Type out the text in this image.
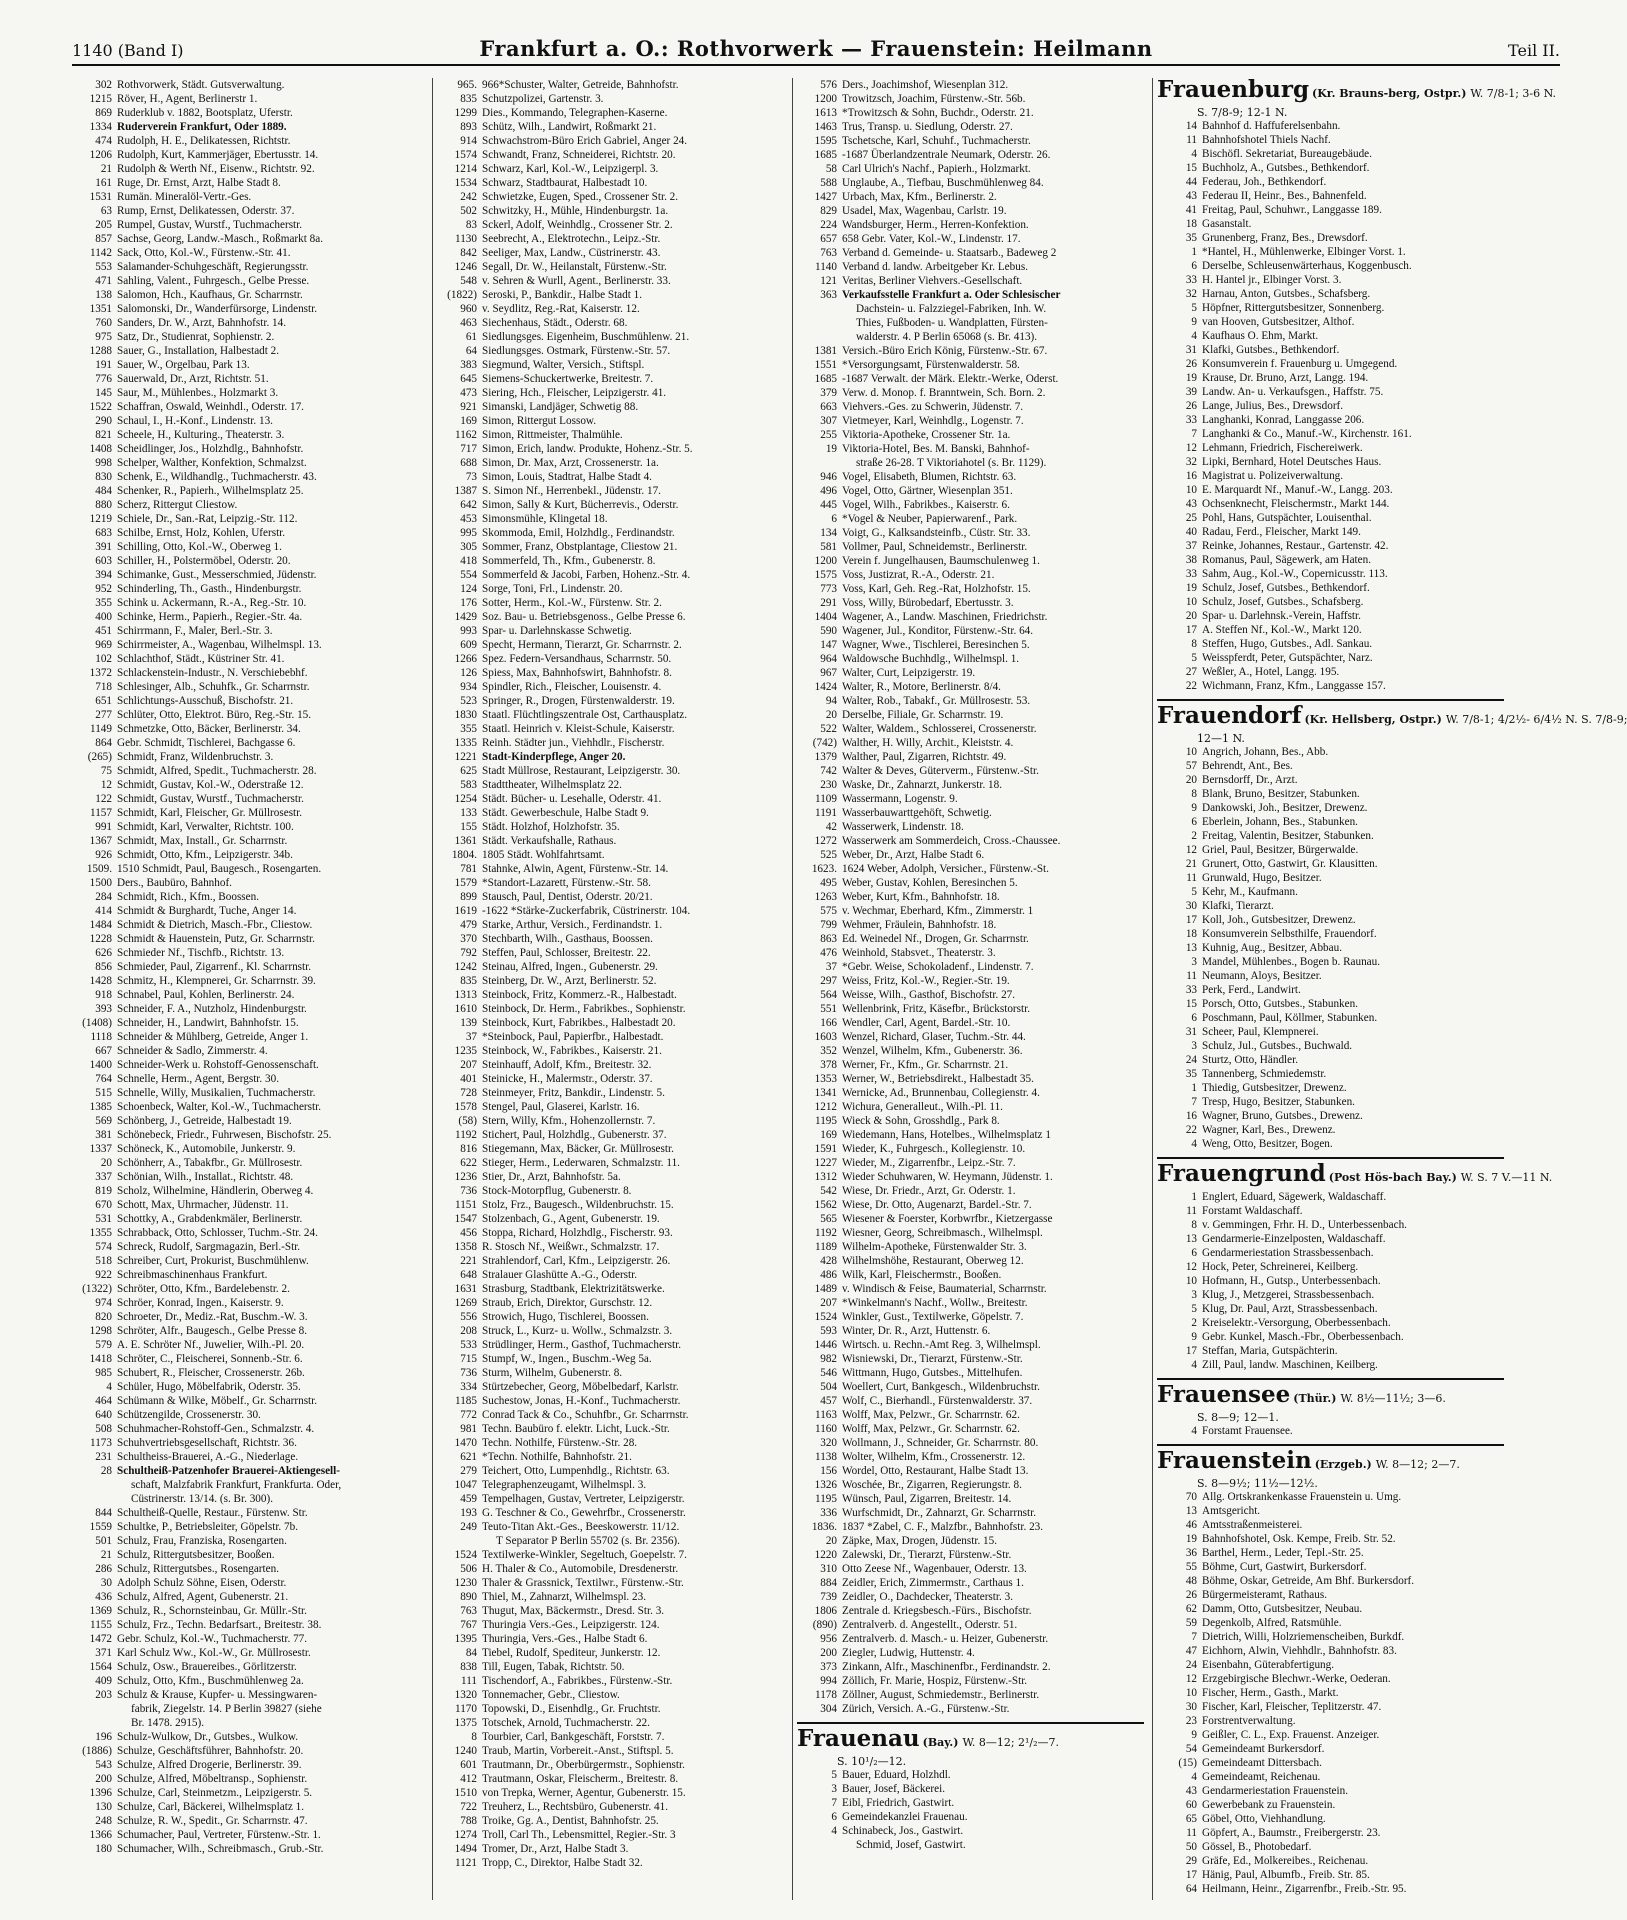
1140 (Band I)	Frankfurt a. O.: Rothvorwerk — Frauenstein: Heilmann	Teil II.
302 Rothvorwerk, Städt. Gutsverwaltung.
1215 Röver, H., Agent, Berlinerstr 1.
869 Ruderklub v. 1882, Bootsplatz, Uferstr.
1334 Ruderverein Frankfurt, Oder 1889.
474 Rudolph, H. E., Delikatessen, Richtstr.
1206 Rudolph, Kurt, Kammerjäger, Ebertusstr. 14.
21 Rudolph & Werth Nf., Eisenw., Richtstr. 92.
161 Ruge, Dr. Ernst, Arzt, Halbe Stadt 8.
1531 Rumän. Mineralöl-Vertr.-Ges.
63 Rump, Ernst, Delikatessen, Oderstr. 37.
205 Rumpel, Gustav, Wurstf., Tuchmacherstr.
857 Sachse, Georg, Landw.-Masch., Roßmarkt 8a.
1142 Sack, Otto, Kol.-W., Fürstenw.-Str. 41.
553 Salamander-Schuhgeschäft, Regierungsstr.
471 Sahling, Valent., Fuhrgesch., Gelbe Presse.
138 Salomon, Hch., Kaufhaus, Gr. Scharrnstr.
1351 Salomonski, Dr., Wanderfürsorge, Lindenstr.
760 Sanders, Dr. W., Arzt, Bahnhofstr. 14.
975 Satz, Dr., Studienrat, Sophienstr. 2.
1288 Sauer, G., Installation, Halbestadt 2.
191 Sauer, W., Orgelbau, Park 13.
776 Sauerwald, Dr., Arzt, Richtstr. 51.
145 Saur, M., Mühlenbes., Holzmarkt 3.
1522 Schaffran, Oswald, Weinhdl., Oderstr. 17.
290 Schaul, I., H.-Konf., Lindenstr. 13.
821 Scheele, H., Kulturing., Theaterstr. 3.
1408 Scheidlinger, Jos., Holzhdlg., Bahnhofstr.
998 Schelper, Walther, Konfektion, Schmalzst.
830 Schenk, E., Wildhandlg., Tuchmacherstr. 43.
484 Schenker, R., Papierh., Wilhelmsplatz 25.
880 Scherz, Rittergut Cliestow.
1219 Schiele, Dr., San.-Rat, Leipzig.-Str. 112.
683 Schilbe, Ernst, Holz, Kohlen, Uferstr.
391 Schilling, Otto, Kol.-W., Oberweg 1.
603 Schiller, H., Polstermöbel, Oderstr. 20.
394 Schimanke, Gust., Messerschmied, Jüdenstr.
952 Schinderling, Th., Gasth., Hindenburgstr.
355 Schink u. Ackermann, R.-A., Reg.-Str. 10.
400 Schinke, Herm., Papierh., Regier.-Str. 4a.
451 Schirrmann, F., Maler, Berl.-Str. 3.
969 Schirrmeister, A., Wagenbau, Wilhelmspl. 13.
102 Schlachthof, Städt., Küstriner Str. 41.
1372 Schlackenstein-Industr., N. Verschiebebhf.
718 Schlesinger, Alb., Schuhfk., Gr. Scharrnstr.
651 Schlichtungs-Ausschuß, Bischofstr. 21.
277 Schlüter, Otto, Elektrot. Büro, Reg.-Str. 15.
1149 Schmetzke, Otto, Bäcker, Berlinerstr. 34.
864 Gebr. Schmidt, Tischlerei, Bachgasse 6.
(265) Schmidt, Franz, Wildenbruchstr. 3.
75 Schmidt, Alfred, Spedit., Tuchmacherstr. 28.
12 Schmidt, Gustav, Kol.-W., Oderstraße 12.
122 Schmidt, Gustav, Wurstf., Tuchmacherstr.
1157 Schmidt, Karl, Fleischer, Gr. Müllrosestr.
991 Schmidt, Karl, Verwalter, Richtstr. 100.
1367 Schmidt, Max, Install., Gr. Scharrnstr.
926 Schmidt, Otto, Kfm., Leipzigerstr. 34b.
1509. 1510 Schmidt, Paul, Baugesch., Rosengarten.
1500 Ders., Baubüro, Bahnhof.
284 Schmidt, Rich., Kfm., Boossen.
414 Schmidt & Burghardt, Tuche, Anger 14.
1484 Schmidt & Dietrich, Masch.-Fbr., Cliestow.
1228 Schmidt & Hauenstein, Putz, Gr. Scharrnstr.
626 Schmieder Nf., Tischfb., Richtstr. 13.
856 Schmieder, Paul, Zigarrenf., Kl. Scharrnstr.
1428 Schmitz, H., Klempnerei, Gr. Scharrnstr. 39.
918 Schnabel, Paul, Kohlen, Berlinerstr. 24.
393 Schneider, F. A., Nutzholz, Hindenburgstr.
(1408) Schneider, H., Landwirt, Bahnhofstr. 15.
1118 Schneider & Mühlberg, Getreide, Anger 1.
667 Schneider & Sadlo, Zimmerstr. 4.
1400 Schneider-Werk u. Rohstoff-Genossenschaft.
764 Schnelle, Herm., Agent, Bergstr. 30.
515 Schnelle, Willy, Musikalien, Tuchmacherstr.
1385 Schoenbeck, Walter, Kol.-W., Tuchmacherstr.
569 Schönberg, J., Getreide, Halbestadt 19.
381 Schönebeck, Friedr., Fuhrwesen, Bischofstr. 25.
1337 Schöneck, K., Automobile, Junkerstr. 9.
20 Schönherr, A., Tabakfbr., Gr. Müllrosestr.
337 Schönian, Wilh., Installat., Richtstr. 48.
819 Scholz, Wilhelmine, Händlerin, Oberweg 4.
670 Schott, Max, Uhrmacher, Jüdenstr. 11.
531 Schottky, A., Grabdenkmäler, Berlinerstr.
1355 Schrabback, Otto, Schlosser, Tuchm.-Str. 24.
574 Schreck, Rudolf, Sargmagazin, Berl.-Str.
518 Schreiber, Curt, Prokurist, Buschmühlenw.
922 Schreibmaschinenhaus Frankfurt.
(1322) Schröter, Otto, Kfm., Bardelebenstr. 2.
974 Schröer, Konrad, Ingen., Kaiserstr. 9.
820 Schroeter, Dr., Mediz.-Rat, Buschm.-W. 3.
1298 Schröter, Alfr., Baugesch., Gelbe Presse 8.
579 A. E. Schröter Nf., Juwelier, Wilh.-Pl. 20.
1418 Schröter, C., Fleischerei, Sonnenb.-Str. 6.
985 Schubert, R., Fleischer, Crossenerstr. 26b.
4 Schüler, Hugo, Möbelfabrik, Oderstr. 35.
464 Schümann & Wilke, Möbelf., Gr. Scharrnstr.
640 Schützengilde, Crossenerstr. 30.
508 Schuhmacher-Rohstoff-Gen., Schmalzstr. 4.
1173 Schuhvertriebsgesellschaft, Richtstr. 36.
231 Schultheiss-Brauerei, A.-G., Niederlage.
28 Schultheiß-Patzenhofer Brauerei-Aktiengesell-
schaft, Malzfabrik Frankfurt, Frankfurta. Oder,
Cüstrinerstr. 13/14. (s. Br. 300).
844 Schultheiß-Quelle, Restaur., Fürstenw. Str.
1559 Schultke, P., Betriebsleiter, Göpelstr. 7b.
501 Schulz, Frau, Franziska, Rosengarten.
21 Schulz, Rittergutsbesitzer, Booßen.
286 Schulz, Rittergutsbes., Rosengarten.
30 Adolph Schulz Söhne, Eisen, Oderstr.
436 Schulz, Alfred, Agent, Gubenerstr. 21.
1369 Schulz, R., Schornsteinbau, Gr. Müllr.-Str.
1155 Schulz, Frz., Techn. Bedarfsart., Breitestr. 38.
1472 Gebr. Schulz, Kol.-W., Tuchmacherstr. 77.
371 Karl Schulz Ww., Kol.-W., Gr. Müllrosestr.
1564 Schulz, Osw., Brauereibes., Görlitzerstr.
409 Schulz, Otto, Kfm., Buschmühlenweg 2a.
203 Schulz & Krause, Kupfer- u. Messingwaren-
fabrik, Ziegelstr. 14. P Berlin 39827 (siehe
Br. 1478. 2915).
196 Schulz-Wulkow, Dr., Gutsbes., Wulkow.
(1886) Schulze, Geschäftsführer, Bahnhofstr. 20.
543 Schulze, Alfred Drogerie, Berlinerstr. 39.
200 Schulze, Alfred, Möbeltransp., Sophienstr.
1396 Schulze, Carl, Steinmetzm., Leipzigerstr. 5.
130 Schulze, Carl, Bäckerei, Wilhelmsplatz 1.
248 Schulze, R. W., Spedit., Gr. Scharrnstr. 47.
1366 Schumacher, Paul, Vertreter, Fürstenw.-Str. 1.
180 Schumacher, Wilh., Schreibmasch., Grub.-Str.
965. 966*Schuster, Walter, Getreide, Bahnhofstr.
835 Schutzpolizei, Gartenstr. 3.
1299 Dies., Kommando, Telegraphen-Kaserne.
893 Schütz, Wilh., Landwirt, Roßmarkt 21.
914 Schwachstrom-Büro Erich Gabriel, Anger 24.
1574 Schwandt, Franz, Schneiderei, Richtstr. 20.
1214 Schwarz, Karl, Kol.-W., Leipzigerpl. 3.
1534 Schwarz, Stadtbaurat, Halbestadt 10.
242 Schwietzke, Eugen, Sped., Crossener Str. 2.
502 Schwitzky, H., Mühle, Hindenburgstr. 1a.
83 Sckerl, Adolf, Weinhdlg., Crossener Str. 2.
1130 Seebrecht, A., Elektrotechn., Leipz.-Str.
842 Seeliger, Max, Landw., Cüstrinerstr. 43.
1246 Segall, Dr. W., Heilanstalt, Fürstenw.-Str.
548 v. Sehren & Wurll, Agent., Berlinerstr. 33.
(1822) Seroski, P., Bankdir., Halbe Stadt 1.
960 v. Seydlitz, Reg.-Rat, Kaiserstr. 12.
463 Siechenhaus, Städt., Oderstr. 68.
61 Siedlungsges. Eigenheim, Buschmühlenw. 21.
64 Siedlungsges. Ostmark, Fürstenw.-Str. 57.
383 Siegmund, Walter, Versich., Stiftspl.
645 Siemens-Schuckertwerke, Breitestr. 7.
473 Siering, Hch., Fleischer, Leipzigerstr. 41.
921 Simanski, Landjäger, Schwetig 88.
169 Simon, Rittergut Lossow.
1162 Simon, Rittmeister, Thalmühle.
717 Simon, Erich, landw. Produkte, Hohenz.-Str. 5.
688 Simon, Dr. Max, Arzt, Crossenerstr. 1a.
73 Simon, Louis, Stadtrat, Halbe Stadt 4.
1387 S. Simon Nf., Herrenbekl., Jüdenstr. 17.
642 Simon, Sally & Kurt, Bücherrevis., Oderstr.
453 Simonsmühle, Klingetal 18.
995 Skommoda, Emil, Holzhdlg., Ferdinandstr.
305 Sommer, Franz, Obstplantage, Cliestow 21.
418 Sommerfeld, Th., Kfm., Gubenerstr. 8.
554 Sommerfeld & Jacobi, Farben, Hohenz.-Str. 4.
124 Sorge, Toni, Frl., Lindenstr. 20.
176 Sotter, Herm., Kol.-W., Fürstenw. Str. 2.
1429 Soz. Bau- u. Betriebsgenoss., Gelbe Presse 6.
993 Spar- u. Darlehnskasse Schwetig.
609 Specht, Hermann, Tierarzt, Gr. Scharrnstr. 2.
1266 Spez. Federn-Versandhaus, Scharrnstr. 50.
126 Spiess, Max, Bahnhofswirt, Bahnhofstr. 8.
934 Spindler, Rich., Fleischer, Louisenstr. 4.
523 Springer, R., Drogen, Fürstenwalderstr. 19.
1830 Staatl. Flüchtlingszentrale Ost, Carthausplatz.
355 Staatl. Heinrich v. Kleist-Schule, Kaiserstr.
1335 Reinh. Städter jun., Viehhdlr., Fischerstr.
1221 Stadt-Kinderpflege, Anger 20.
625 Stadt Müllrose, Restaurant, Leipzigerstr. 30.
583 Stadttheater, Wilhelmsplatz 22.
1254 Städt. Bücher- u. Lesehalle, Oderstr. 41.
133 Städt. Gewerbeschule, Halbe Stadt 9.
155 Städt. Holzhof, Holzhofstr. 35.
1361 Städt. Verkaufshalle, Rathaus.
1804. 1805 Städt. Wohlfahrtsamt.
781 Stahnke, Alwin, Agent, Fürstenw.-Str. 14.
1579 *Standort-Lazarett, Fürstenw.-Str. 58.
899 Stausch, Paul, Dentist, Oderstr. 20/21.
1619 -1622 *Stärke-Zuckerfabrik, Cüstrinerstr. 104.
479 Starke, Arthur, Versich., Ferdinandstr. 1.
370 Stechbarth, Wilh., Gasthaus, Boossen.
792 Steffen, Paul, Schlosser, Breitestr. 22.
1242 Steinau, Alfred, Ingen., Gubenerstr. 29.
835 Steinberg, Dr. W., Arzt, Berlinerstr. 52.
1313 Steinbock, Fritz, Kommerz.-R., Halbestadt.
1610 Steinbock, Dr. Herm., Fabrikbes., Sophienstr.
139 Steinbock, Kurt, Fabrikbes., Halbestadt 20.
37 *Steinbock, Paul, Papierfbr., Halbestadt.
1235 Steinbock, W., Fabrikbes., Kaiserstr. 21.
207 Steinhauff, Adolf, Kfm., Breitestr. 32.
401 Steinicke, H., Malermstr., Oderstr. 37.
728 Steinmeyer, Fritz, Bankdir., Lindenstr. 5.
1578 Stengel, Paul, Glaserei, Karlstr. 16.
(58) Stern, Willy, Kfm., Hohenzollernstr. 7.
1192 Stichert, Paul, Holzhdlg., Gubenerstr. 37.
816 Stiegemann, Max, Bäcker, Gr. Müllrosestr.
622 Stieger, Herm., Lederwaren, Schmalzstr. 11.
1236 Stier, Dr., Arzt, Bahnhofstr. 5a.
736 Stock-Motorpflug, Gubenerstr. 8.
1151 Stolz, Frz., Baugesch., Wildenbruchstr. 15.
1547 Stolzenbach, G., Agent, Gubenerstr. 19.
456 Stoppa, Richard, Holzhdlg., Fischerstr. 93.
1358 R. Stosch Nf., Weißwr., Schmalzstr. 17.
221 Strahlendorf, Carl, Kfm., Leipzigerstr. 26.
648 Stralauer Glashütte A.-G., Oderstr.
1631 Strasburg, Stadtbank, Elektrizitätswerke.
1269 Straub, Erich, Direktor, Gurschstr. 12.
556 Strowich, Hugo, Tischlerei, Boossen.
208 Struck, L., Kurz- u. Wollw., Schmalzstr. 3.
533 Strüdlinger, Herm., Gasthof, Tuchmacherstr.
715 Stumpf, W., Ingen., Buschm.-Weg 5a.
736 Sturm, Wilhelm, Gubenerstr. 8.
334 Stürtzebecher, Georg, Möbelbedarf, Karlstr.
1185 Suchestow, Jonas, H.-Konf., Tuchmacherstr.
772 Conrad Tack & Co., Schuhfbr., Gr. Scharrnstr.
981 Techn. Baubüro f. elektr. Licht, Luck.-Str.
1470 Techn. Nothilfe, Fürstenw.-Str. 28.
621 *Techn. Nothilfe, Bahnhofstr. 21.
279 Teichert, Otto, Lumpenhdlg., Richtstr. 63.
1047 Telegraphenzeugamt, Wilhelmspl. 3.
459 Tempelhagen, Gustav, Vertreter, Leipzigerstr.
193 G. Teschner & Co., Gewehrfbr., Crossenerstr.
249 Teuto-Titan Akt.-Ges., Beeskowerstr. 11/12.
T Separator P Berlin 55702 (s. Br. 2356).
1524 Textilwerke-Winkler, Segeltuch, Goepelstr. 7.
506 H. Thaler & Co., Automobile, Dresdenerstr.
1230 Thaler & Grassnick, Textilwr., Fürstenw.-Str.
890 Thiel, M., Zahnarzt, Wilhelmspl. 23.
763 Thugut, Max, Bäckermstr., Dresd. Str. 3.
767 Thuringia Vers.-Ges., Leipzigerstr. 124.
1395 Thuringia, Vers.-Ges., Halbe Stadt 6.
84 Tiebel, Rudolf, Spediteur, Junkerstr. 12.
838 Till, Eugen, Tabak, Richtstr. 50.
111 Tischendorf, A., Fabrikbes., Fürstenw.-Str.
1320 Tonnemacher, Gebr., Cliestow.
1170 Topowski, D., Eisenhdlg., Gr. Fruchtstr.
1375 Totschek, Arnold, Tuchmacherstr. 22.
8 Tourbier, Carl, Bankgeschäft, Forststr. 7.
1240 Traub, Martin, Vorbereit.-Anst., Stiftspl. 5.
601 Trautmann, Dr., Oberbürgermstr., Sophienstr.
412 Trautmann, Oskar, Fleischerm., Breitestr. 8.
1510 von Trepka, Werner, Agentur, Gubenerstr. 15.
722 Treuherz, L., Rechtsbüro, Gubenerstr. 41.
788 Troike, Gg. A., Dentist, Bahnhofstr. 25.
1274 Troll, Carl Th., Lebensmittel, Regier.-Str. 3
1494 Tromer, Dr., Arzt, Halbe Stadt 3.
1121 Tropp, C., Direktor, Halbe Stadt 32.
576 Ders., Joachimshof, Wiesenplan 312.
1200 Trowitzsch, Joachim, Fürstenw.-Str. 56b.
1613 *Trowitzsch & Sohn, Buchdr., Oderstr. 21.
1463 Trus, Transp. u. Siedlung, Oderstr. 27.
1595 Tschetsche, Karl, Schuhf., Tuchmacherstr.
1685 -1687 Überlandzentrale Neumark, Oderstr. 26.
58 Carl Ulrich's Nachf., Papierh., Holzmarkt.
588 Unglaube, A., Tiefbau, Buschmühlenweg 84.
1427 Urbach, Max, Kfm., Berlinerstr. 2.
829 Usadel, Max, Wagenbau, Carlstr. 19.
224 Wandsburger, Herm., Herren-Konfektion.
657 658 Gebr. Vater, Kol.-W., Lindenstr. 17.
763 Verband d. Gemeinde- u. Staatsarb., Badeweg 2
1140 Verband d. landw. Arbeitgeber Kr. Lebus.
121 Veritas, Berliner Viehvers.-Gesellschaft.
363 Verkaufsstelle Frankfurt a. Oder Schlesischer
Dachstein- u. Falzziegel-Fabriken, Inh. W.
Thies, Fußboden- u. Wandplatten, Fürsten-
walderstr. 4. P Berlin 65068 (s. Br. 413).
1381 Versich.-Büro Erich König, Fürstenw.-Str. 67.
1551 *Versorgungsamt, Fürstenwalderstr. 58.
1685 -1687 Verwalt. der Märk. Elektr.-Werke, Oderst.
379 Verw. d. Monop. f. Branntwein, Sch. Born. 2.
663 Viehvers.-Ges. zu Schwerin, Jüdenstr. 7.
307 Vietmeyer, Karl, Weinhdlg., Logenstr. 7.
255 Viktoria-Apotheke, Crossener Str. 1a.
19 Viktoria-Hotel, Bes. M. Banski, Bahnhof-
straße 26-28. T Viktoriahotel (s. Br. 1129).
946 Vogel, Elisabeth, Blumen, Richtstr. 63.
496 Vogel, Otto, Gärtner, Wiesenplan 351.
445 Vogel, Wilh., Fabrikbes., Kaiserstr. 6.
6 *Vogel & Neuber, Papierwarenf., Park.
134 Voigt, G., Kalksandsteinfb., Cüstr. Str. 33.
581 Vollmer, Paul, Schneidemstr., Berlinerstr.
1200 Verein f. Jungelhausen, Baumschulenweg 1.
1575 Voss, Justizrat, R.-A., Oderstr. 21.
773 Voss, Karl, Geh. Reg.-Rat, Holzhofstr. 15.
291 Voss, Willy, Bürobedarf, Ebertusstr. 3.
1404 Wagener, A., Landw. Maschinen, Friedrichstr.
590 Wagener, Jul., Konditor, Fürstenw.-Str. 64.
147 Wagner, Wwe., Tischlerei, Beresinchen 5.
964 Waldowsche Buchhdlg., Wilhelmspl. 1.
967 Walter, Curt, Leipzigerstr. 19.
1424 Walter, R., Motore, Berlinerstr. 8/4.
94 Walter, Rob., Tabakf., Gr. Müllrosestr. 53.
20 Derselbe, Filiale, Gr. Scharrnstr. 19.
522 Walter, Waldem., Schlosserei, Crossenerstr.
(742) Walther, H. Willy, Archit., Kleiststr. 4.
1379 Walther, Paul, Zigarren, Richtstr. 49.
742 Walter & Deves, Güterverm., Fürstenw.-Str.
230 Waske, Dr., Zahnarzt, Junkerstr. 18.
1109 Wassermann, Logenstr. 9.
1191 Wasserbauwarttgehöft, Schwetig.
42 Wasserwerk, Lindenstr. 18.
1272 Wasserwerk am Sommerdeich, Cross.-Chaussee.
525 Weber, Dr., Arzt, Halbe Stadt 6.
1623. 1624 Weber, Adolph, Versicher., Fürstenw.-St.
495 Weber, Gustav, Kohlen, Beresinchen 5.
1263 Weber, Kurt, Kfm., Bahnhofstr. 18.
575 v. Wechmar, Eberhard, Kfm., Zimmerstr. 1
799 Wehmer, Fräulein, Bahnhofstr. 18.
863 Ed. Weinedel Nf., Drogen, Gr. Scharrnstr.
476 Weinhold, Stabsvet., Theaterstr. 3.
37 *Gebr. Weise, Schokoladenf., Lindenstr. 7.
297 Weiss, Fritz, Kol.-W., Regier.-Str. 19.
564 Weisse, Wilh., Gasthof, Bischofstr. 27.
551 Wellenbrink, Fritz, Käsefbr., Brückstorstr.
166 Wendler, Carl, Agent, Bardel.-Str. 10.
1603 Wenzel, Richard, Glaser, Tuchm.-Str. 44.
352 Wenzel, Wilhelm, Kfm., Gubenerstr. 36.
378 Werner, Fr., Kfm., Gr. Scharrnstr. 21.
1353 Werner, W., Betriebsdirekt., Halbestadt 35.
1341 Wernicke, Ad., Brunnenbau, Collegienstr. 4.
1212 Wichura, Generalleut., Wilh.-Pl. 11.
1195 Wieck & Sohn, Grosshdlg., Park 8.
169 Wiedemann, Hans, Hotelbes., Wilhelmsplatz 1
1591 Wieder, K., Fuhrgesch., Kollegienstr. 10.
1227 Wieder, M., Zigarrenfbr., Leipz.-Str. 7.
1312 Wieder Schuhwaren, W. Heymann, Jüdenstr. 1.
542 Wiese, Dr. Friedr., Arzt, Gr. Oderstr. 1.
1562 Wiese, Dr. Otto, Augenarzt, Bardel.-Str. 7.
565 Wiesener & Foerster, Korbwrfbr., Kietzergasse
1192 Wiesner, Georg, Schreibmasch., Wilhelmspl.
1189 Wilhelm-Apotheke, Fürstenwalder Str. 3.
428 Wilhelmshöhe, Restaurant, Oberweg 12.
486 Wilk, Karl, Fleischermstr., Booßen.
1489 v. Windisch & Feise, Baumaterial, Scharrnstr.
207 *Winkelmann's Nachf., Wollw., Breitestr.
1524 Winkler, Gust., Textilwerke, Göpelstr. 7.
593 Winter, Dr. R., Arzt, Huttenstr. 6.
1446 Wirtsch. u. Rechn.-Amt Reg. 3, Wilhelmspl.
982 Wisniewski, Dr., Tierarzt, Fürstenw.-Str.
546 Wittmann, Hugo, Gutsbes., Mittelhufen.
504 Woellert, Curt, Bankgesch., Wildenbruchstr.
457 Wolf, C., Bierhandl., Fürstenwalderstr. 37.
1163 Wolff, Max, Pelzwr., Gr. Scharrnstr. 62.
1160 Wolff, Max, Pelzwr., Gr. Scharrnstr. 62.
320 Wollmann, J., Schneider, Gr. Scharrnstr. 80.
1138 Wolter, Wilhelm, Kfm., Crossenerstr. 12.
156 Wordel, Otto, Restaurant, Halbe Stadt 13.
1326 Woschée, Br., Zigarren, Regierungstr. 8.
1195 Wünsch, Paul, Zigarren, Breitestr. 14.
336 Wurfschmidt, Dr., Zahnarzt, Gr. Scharrnstr.
1836. 1837 *Zabel, C. F., Malzfbr., Bahnhofstr. 23.
20 Zäpke, Max, Drogen, Jüdenstr. 15.
1220 Zalewski, Dr., Tierarzt, Fürstenw.-Str.
310 Otto Zeese Nf., Wagenbauer, Oderstr. 13.
884 Zeidler, Erich, Zimmermstr., Carthaus 1.
739 Zeidler, O., Dachdecker, Theaterstr. 3.
1806 Zentrale d. Kriegsbesch.-Fürs., Bischofstr.
(890) Zentralverb. d. Angestellt., Oderstr. 51.
956 Zentralverb. d. Masch.- u. Heizer, Gubenerstr.
200 Ziegler, Ludwig, Huttenstr. 4.
373 Zinkann, Alfr., Maschinenfbr., Ferdinandstr. 2.
994 Zöllich, Fr. Marie, Hospiz, Fürstenw.-Str.
1178 Zöllner, August, Schmiedemstr., Berlinerstr.
304 Zürich, Versich. A.-G., Fürstenw.-Str.
Frauenau (Bay.) W. 8—12; 2¹/₂—7.
S. 10¹/₂—12.
5 Bauer, Eduard, Holzhdl.
3 Bauer, Josef, Bäckerei.
7 Eibl, Friedrich, Gastwirt.
6 Gemeindekanzlei Frauenau.
4 Schinabeck, Jos., Gastwirt.
Schmid, Josef, Gastwirt.
Frauenburg (Kr. Brauns-berg, Ostpr.) W. 7/8-1; 3-6 N.
S. 7/8-9; 12-1 N.
14 Bahnhof d. Haffuferelsenbahn.
11 Bahnhofshotel Thiels Nachf.
4 Bischöfl. Sekretariat, Bureaugebäude.
15 Buchholz, A., Gutsbes., Bethkendorf.
44 Federau, Joh., Bethkendorf.
43 Federau II, Heinr., Bes., Bahnenfeld.
41 Freitag, Paul, Schuhwr., Langgasse 189.
18 Gasanstalt.
35 Grunenberg, Franz, Bes., Drewsdorf.
1 *Hantel, H., Mühlenwerke, Elbinger Vorst. 1.
6 Derselbe, Schleusenwärterhaus, Koggenbusch.
33 H. Hantel jr., Elbinger Vorst. 3.
32 Harnau, Anton, Gutsbes., Schafsberg.
5 Höpfner, Rittergutsbesitzer, Sonnenberg.
9 van Hooven, Gutsbesitzer, Althof.
4 Kaufhaus O. Ehm, Markt.
31 Klafki, Gutsbes., Bethkendorf.
26 Konsumverein f. Frauenburg u. Umgegend.
19 Krause, Dr. Bruno, Arzt, Langg. 194.
39 Landw. An- u. Verkaufsgen., Haffstr. 75.
26 Lange, Julius, Bes., Drewsdorf.
33 Langhanki, Konrad, Langgasse 206.
7 Langhanki & Co., Manuf.-W., Kirchenstr. 161.
12 Lehmann, Friedrich, Fischereiwerk.
32 Lipki, Bernhard, Hotel Deutsches Haus.
16 Magistrat u. Polizeiverwaltung.
10 E. Marquardt Nf., Manuf.-W., Langg. 203.
43 Ochsenknecht, Fleischermstr., Markt 144.
25 Pohl, Hans, Gutspächter, Louisenthal.
40 Radau, Ferd., Fleischer, Markt 149.
37 Reinke, Johannes, Restaur., Gartenstr. 42.
38 Romanus, Paul, Sägewerk, am Haten.
33 Sahm, Aug., Kol.-W., Copernicusstr. 113.
19 Schulz, Josef, Gutsbes., Bethkendorf.
10 Schulz, Josef, Gutsbes., Schafsberg.
20 Spar- u. Darlehnsk.-Verein, Haffstr.
17 A. Steffen Nf., Kol.-W., Markt 120.
8 Steffen, Hugo, Gutsbes., Adl. Sankau.
5 Weisspferdt, Peter, Gutspächter, Narz.
27 Weßler, A., Hotel, Langg. 195.
22 Wichmann, Franz, Kfm., Langgasse 157.
Frauendorf (Kr. Hellsberg, Ostpr.) W. 7/8-1; 4/2½- 6/4½ N. S. 7/8-9;
12—1 N.
10 Angrich, Johann, Bes., Abb.
57 Behrendt, Ant., Bes.
20 Bernsdorff, Dr., Arzt.
8 Blank, Bruno, Besitzer, Stabunken.
9 Dankowski, Joh., Besitzer, Drewenz.
6 Eberlein, Johann, Bes., Stabunken.
2 Freitag, Valentin, Besitzer, Stabunken.
12 Griel, Paul, Besitzer, Bürgerwalde.
21 Grunert, Otto, Gastwirt, Gr. Klausitten.
11 Grunwald, Hugo, Besitzer.
5 Kehr, M., Kaufmann.
30 Klafki, Tierarzt.
17 Koll, Joh., Gutsbesitzer, Drewenz.
18 Konsumverein Selbsthilfe, Frauendorf.
13 Kuhnig, Aug., Besitzer, Abbau.
3 Mandel, Mühlenbes., Bogen b. Raunau.
11 Neumann, Aloys, Besitzer.
33 Perk, Ferd., Landwirt.
15 Porsch, Otto, Gutsbes., Stabunken.
6 Poschmann, Paul, Köllmer, Stabunken.
31 Scheer, Paul, Klempnerei.
3 Schulz, Jul., Gutsbes., Buchwald.
24 Sturtz, Otto, Händler.
35 Tannenberg, Schmiedemstr.
1 Thiedig, Gutsbesitzer, Drewenz.
7 Tresp, Hugo, Besitzer, Stabunken.
16 Wagner, Bruno, Gutsbes., Drewenz.
22 Wagner, Karl, Bes., Drewenz.
4 Weng, Otto, Besitzer, Bogen.
Frauengrund (Post Hös-bach Bay.) W. S. 7 V.—11 N.
1 Englert, Eduard, Sägewerk, Waldaschaff.
11 Forstamt Waldaschaff.
8 v. Gemmingen, Frhr. H. D., Unterbessenbach.
13 Gendarmerie-Einzelposten, Waldaschaff.
6 Gendarmeriestation Strassbessenbach.
12 Hock, Peter, Schreinerei, Keilberg.
10 Hofmann, H., Gutsp., Unterbessenbach.
3 Klug, J., Metzgerei, Strassbessenbach.
5 Klug, Dr. Paul, Arzt, Strassbessenbach.
2 Kreiselektr.-Versorgung, Oberbessenbach.
9 Gebr. Kunkel, Masch.-Fbr., Oberbessenbach.
17 Steffan, Maria, Gutspächterin.
4 Zill, Paul, landw. Maschinen, Keilberg.
Frauensee (Thür.) W. 8½—11½; 3—6.
S. 8—9; 12—1.
4 Forstamt Frauensee.
Frauenstein (Erzgeb.) W. 8—12; 2—7.
S. 8—9½; 11½—12½.
70 Allg. Ortskrankenkasse Frauenstein u. Umg.
13 Amtsgericht.
46 Amtsstraßenmeisterei.
19 Bahnhofshotel, Osk. Kempe, Freib. Str. 52.
36 Barthel, Herm., Leder, Tepl.-Str. 25.
55 Böhme, Curt, Gastwirt, Burkersdorf.
48 Böhme, Oskar, Getreide, Am Bhf. Burkersdorf.
26 Bürgermeisteramt, Rathaus.
62 Damm, Otto, Gutsbesitzer, Neubau.
59 Degenkolb, Alfred, Ratsmühle.
7 Dietrich, Willi, Holzriemenscheiben, Burkdf.
47 Eichhorn, Alwin, Viehhdlr., Bahnhofstr. 83.
24 Eisenbahn, Güterabfertigung.
12 Erzgebirgische Blechwr.-Werke, Oederan.
10 Fischer, Herm., Gasth., Markt.
30 Fischer, Karl, Fleischer, Teplitzerstr. 47.
23 Forstrentverwaltung.
9 Geißler, C. L., Exp. Frauenst. Anzeiger.
54 Gemeindeamt Burkersdorf.
(15) Gemeindeamt Dittersbach.
4 Gemeindeamt, Reichenau.
43 Gendarmeriestation Frauenstein.
60 Gewerbebank zu Frauenstein.
65 Göbel, Otto, Viehhandlung.
11 Göpfert, A., Baumstr., Freibergerstr. 23.
50 Gössel, B., Photobedarf.
29 Gräfe, Ed., Molkereibes., Reichenau.
17 Hänig, Paul, Albumfb., Freib. Str. 85.
64 Heilmann, Heinr., Zigarrenfbr., Freib.-Str. 95.
